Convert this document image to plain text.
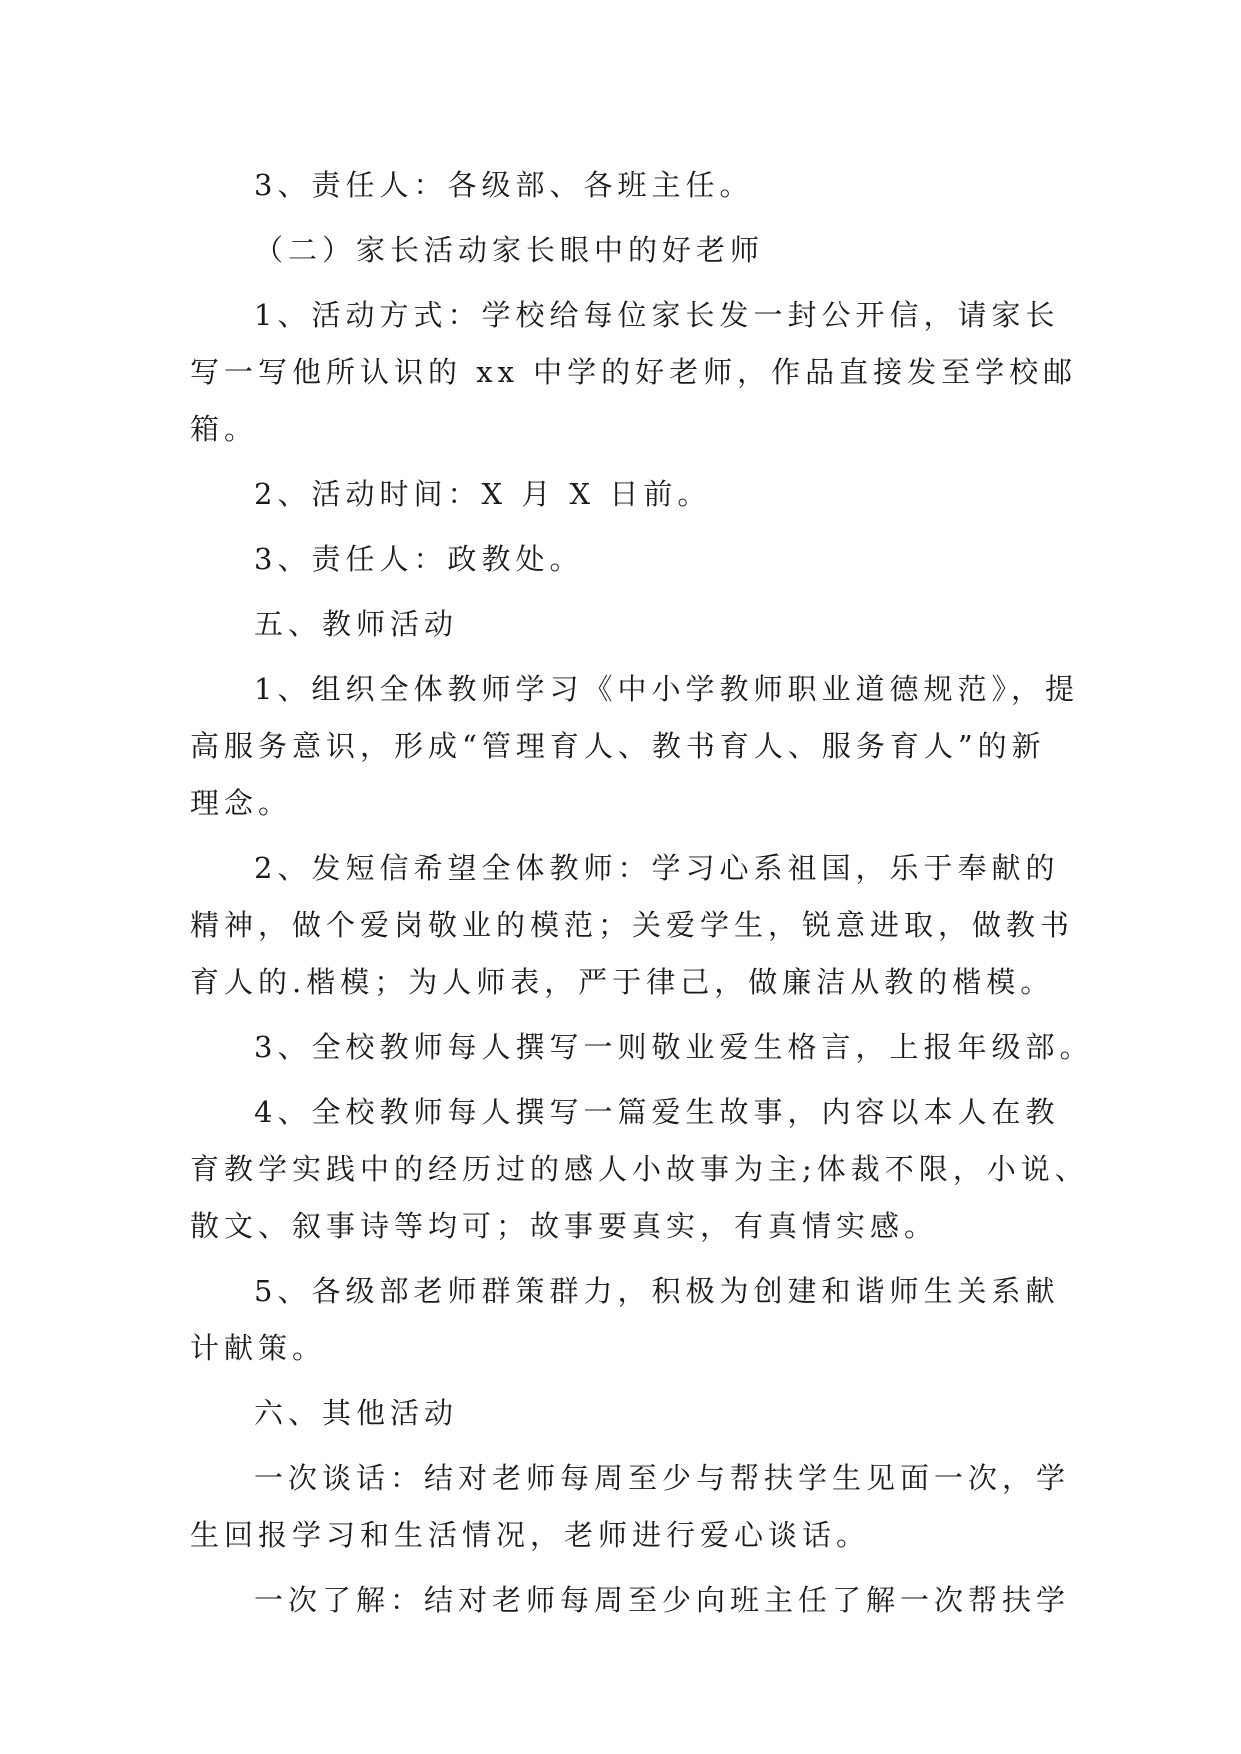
3、责任人：各级部、各班主任。

（二）家长活动家长眼中的好老师

1、活动方式：学校给每位家长发一封公开信，请家长
写一写他所认识的 xx 中学的好老师，作品直接发至学校邮
箱。

2、活动时间：X 月 X 日前。

3、责任人：政教处。

五、教师活动

1、组织全体教师学习《中小学教师职业道德规范》，提
高服务意识，形成“管理育人、教书育人、服务育人”的新
理念。

2、发短信希望全体教师：学习心系祖国，乐于奉献的
精神，做个爱岗敬业的模范；关爱学生，锐意进取，做教书
育人的.楷模；为人师表，严于律己，做廉洁从教的楷模。

3、全校教师每人撰写一则敬业爱生格言，上报年级部。

4、全校教师每人撰写一篇爱生故事，内容以本人在教
育教学实践中的经历过的感人小故事为主;体裁不限，小说、
散文、叙事诗等均可；故事要真实，有真情实感。

5、各级部老师群策群力，积极为创建和谐师生关系献
计献策。

六、其他活动

一次谈话：结对老师每周至少与帮扶学生见面一次，学
生回报学习和生活情况，老师进行爱心谈话。

一次了解：结对老师每周至少向班主任了解一次帮扶学
